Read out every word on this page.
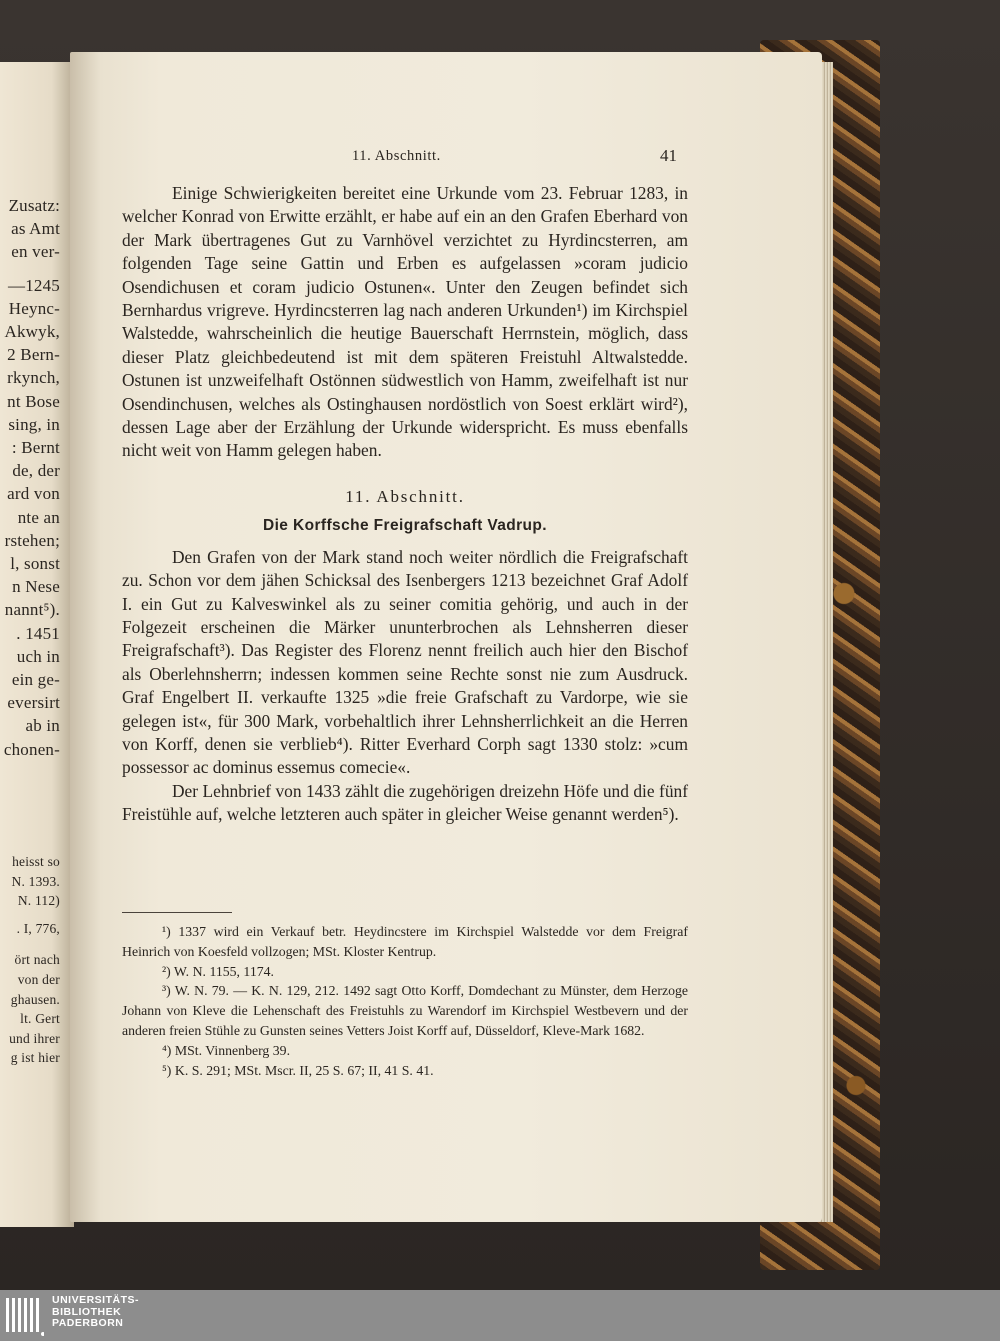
Zusatz:
as Amt
en ver-
—1245
Heync-
Akwyk,
2 Bern-
rkynch,
nt Bose
sing, in
: Bernt
de, der
ard von
nte an
rstehen;
l, sonst
n Nese
nannt⁵).
. 1451
uch in
ein ge-
eversirt
ab in
chonen-
heisst so
N. 1393.
N. 112)
. I, 776,
ört nach
von der
ghausen.
lt. Gert
und ihrer
g ist hier
11. Abschnitt.	41

Einige Schwierigkeiten bereitet eine Urkunde vom 23. Februar 1283, in welcher Konrad von Erwitte erzählt, er habe auf ein an den Grafen Eberhard von der Mark übertragenes Gut zu Varnhövel verzichtet zu Hyrdincsterren, am folgenden Tage seine Gattin und Erben es aufgelassen »coram judicio Osendichusen et coram judicio Ostunen«. Unter den Zeugen befindet sich Bernhardus vrigreve. Hyrdincsterren lag nach anderen Urkunden¹) im Kirchspiel Walstedde, wahrscheinlich die heutige Bauerschaft Herrnstein, möglich, dass dieser Platz gleichbedeutend ist mit dem späteren Freistuhl Altwalstedde. Ostunen ist unzweifelhaft Ostönnen südwestlich von Hamm, zweifelhaft ist nur Osendinchusen, welches als Ostinghausen nordöstlich von Soest erklärt wird²), dessen Lage aber der Erzählung der Urkunde widerspricht. Es muss ebenfalls nicht weit von Hamm gelegen haben.

11. Abschnitt.
Die Korffsche Freigrafschaft Vadrup.

Den Grafen von der Mark stand noch weiter nördlich die Freigrafschaft zu. Schon vor dem jähen Schicksal des Isenbergers 1213 bezeichnet Graf Adolf I. ein Gut zu Kalveswinkel als zu seiner comitia gehörig, und auch in der Folgezeit erscheinen die Märker ununterbrochen als Lehnsherren dieser Freigrafschaft³). Das Register des Florenz nennt freilich auch hier den Bischof als Oberlehnsherrn; indessen kommen seine Rechte sonst nie zum Ausdruck. Graf Engelbert II. verkaufte 1325 »die freie Grafschaft zu Vardorpe, wie sie gelegen ist«, für 300 Mark, vorbehaltlich ihrer Lehnsherrlichkeit an die Herren von Korff, denen sie verblieb⁴). Ritter Everhard Corph sagt 1330 stolz: »cum possessor ac dominus essemus comecie«.

Der Lehnbrief von 1433 zählt die zugehörigen dreizehn Höfe und die fünf Freistühle auf, welche letzteren auch später in gleicher Weise genannt werden⁵).

¹) 1337 wird ein Verkauf betr. Heydincstere im Kirchspiel Walstedde vor dem Freigraf Heinrich von Koesfeld vollzogen; MSt. Kloster Kentrup.

²) W. N. 1155, 1174.

³) W. N. 79. — K. N. 129, 212. 1492 sagt Otto Korff, Domdechant zu Münster, dem Herzoge Johann von Kleve die Lehenschaft des Freistuhls zu Warendorf im Kirchspiel Westbevern und der anderen freien Stühle zu Gunsten seines Vetters Joist Korff auf, Düsseldorf, Kleve-Mark 1682.

⁴) MSt. Vinnenberg 39.

⁵) K. S. 291; MSt. Mscr. II, 25 S. 67; II, 41 S. 41.

UNIVERSITÄTS-
BIBLIOTHEK
PADERBORN
